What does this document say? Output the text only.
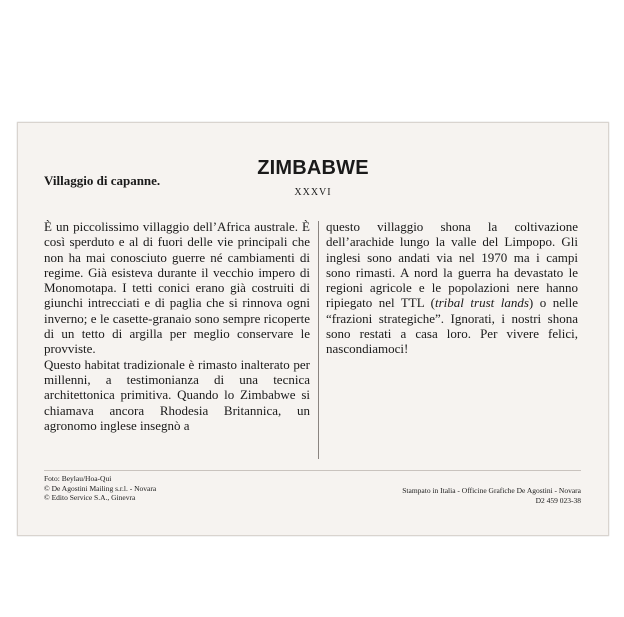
Villaggio di capanne.
ZIMBABWE
XXXVI

È un piccolissimo villaggio dell’Africa australe. È così sperduto e al di fuori delle vie principali che non ha mai conosciuto guerre né cambiamenti di regime. Già esisteva durante il vecchio impero di Monomotapa. I tetti conici erano già costruiti di giunchi intrecciati e di paglia che si rinnova ogni inverno; e le casette-granaio sono sempre ricoperte di un tetto di argilla per meglio conservare le provviste.

Questo habitat tradizionale è rimasto inalterato per millenni, a testimonianza di una tecnica architettonica primitiva. Quando lo Zimbabwe si chiamava ancora Rhodesia Britannica, un agronomo inglese insegnò a

questo villaggio shona la coltivazione dell’arachide lungo la valle del Limpopo. Gli inglesi sono andati via nel 1970 ma i campi sono rimasti. A nord la guerra ha devastato le regioni agricole e le popolazioni nere hanno ripiegato nel TTL (tribal trust lands) o nelle “frazioni strategiche”. Ignorati, i nostri shona sono restati a casa loro. Per vivere felici, nascondiamoci!

Foto: Beylau/Hoa-Qui
© De Agostini Mailing s.r.l. - Novara
© Edito Service S.A., Ginevra
Stampato in Italia - Officine Grafiche De Agostini - Novara
D2 459 023-38
